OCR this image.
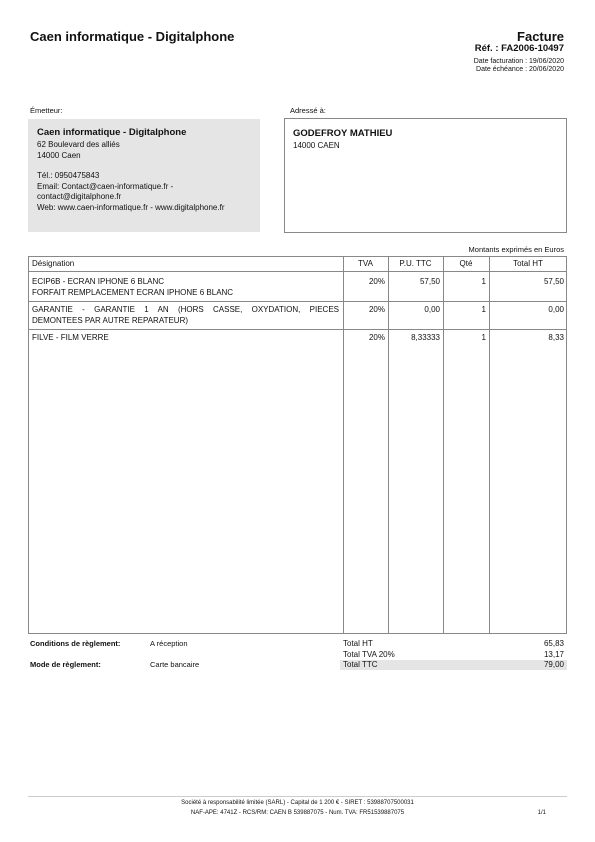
Caen informatique - Digitalphone	Facture
Réf. : FA2006-10497
Date facturation : 19/06/2020
Date échéance : 20/06/2020
Émetteur:	Adressé à:
Caen informatique - Digitalphone
62 Boulevard des alliés
14000 Caen
Tél.: 0950475843
Email: Contact@caen-informatique.fr -
contact@digitalphone.fr
Web: www.caen-informatique.fr - www.digitalphone.fr
GODEFROY MATHIEU
14000 CAEN
Montants exprimés en Euros
Désignation	TVA	P.U. TTC	Qté	Total HT
ECIP6B - ECRAN IPHONE 6 BLANC
FORFAIT REMPLACEMENT ECRAN IPHONE 6 BLANC
20%	57,50	1	57,50
GARANTIE - GARANTIE 1 AN (HORS CASSE, OXYDATION, PIECES
DEMONTEES PAR AUTRE REPARATEUR)
20%	0,00	1	0,00
FILVE - FILM VERRE	20%	8,33333	1	8,33
Conditions de règlement:	A réception
Mode de règlement:	Carte bancaire
Total HT	65,83
Total TVA 20%	13,17
Total TTC	79,00
Société à responsabilité limitée (SARL) - Capital de 1 200 € - SIRET : 53988707500031
NAF-APE: 4741Z - RCS/RM: CAEN B 539887075 - Num. TVA: FR51539887075	1/1
